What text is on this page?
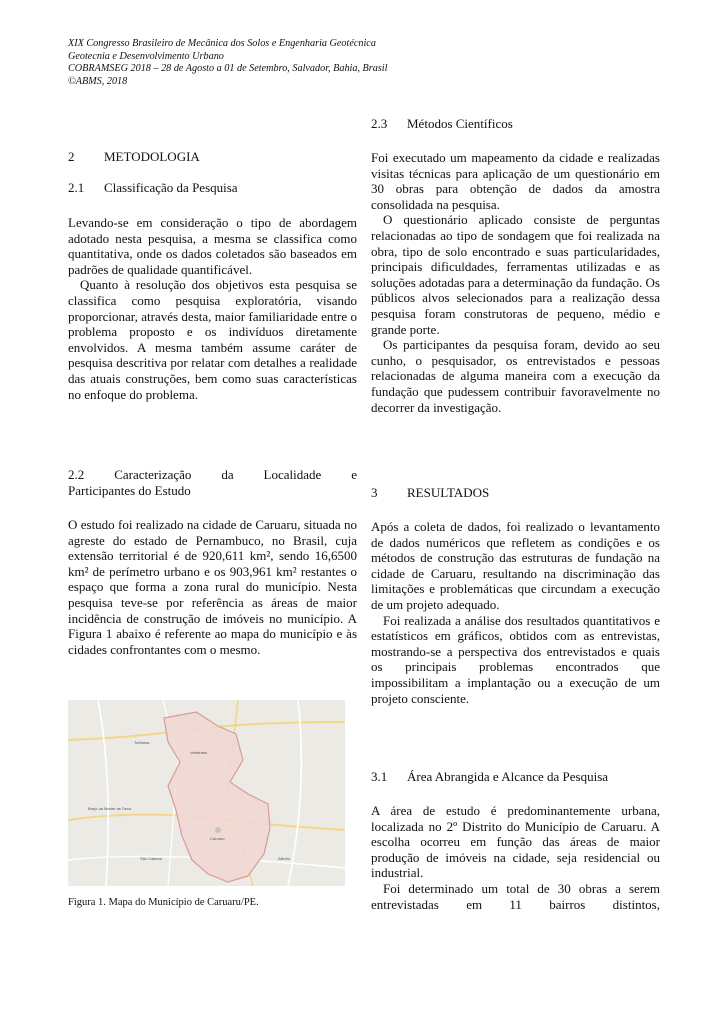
XIX Congresso Brasileiro de Mecânica dos Solos e Engenharia Geotécnica
Geotecnia e Desenvolvimento Urbano
COBRAMSEG 2018 – 28 de Agosto a 01 de Setembro, Salvador, Bahia, Brasil
©ABMS, 2018
2 METODOLOGIA
2.1 Classificação da Pesquisa

Levando-se em consideração o tipo de abordagem adotado nesta pesquisa, a mesma se classifica como quantitativa, onde os dados coletados são baseados em padrões de qualidade quantificável.

Quanto à resolução dos objetivos esta pesquisa se classifica como pesquisa exploratória, visando proporcionar, através desta, maior familiaridade entre o problema proposto e os indivíduos diretamente envolvidos. A mesma também assume caráter de pesquisa descritiva por relatar com detalhes a realidade das atuais construções, bem como suas características no enfoque do problema.

2.2 Caracterização da Localidade e
Participantes do Estudo

O estudo foi realizado na cidade de Caruaru, situada no agreste do estado de Pernambuco, no Brasil, cuja extensão territorial é de 920,611 km², sendo 16,6500 km² de perímetro urbano e os 903,961 km² restantes o espaço que forma a zona rural do município. Nesta pesquisa teve-se por referência as áreas de maior incidência de construção de imóveis no município. A Figura 1 abaixo é referente ao mapa do município e às cidades confrontantes com o mesmo.

Caruaru
Vertentes
Toritama
Brejo da Madre de Deus
São Caitano	Altinho
Figura 1. Mapa do Município de Caruaru/PE.
2.3 Métodos Científicos

Foi executado um mapeamento da cidade e realizadas visitas técnicas para aplicação de um questionário em 30 obras para obtenção de dados da amostra consolidada na pesquisa.

O questionário aplicado consiste de perguntas relacionadas ao tipo de sondagem que foi realizada na obra, tipo de solo encontrado e suas particularidades, principais dificuldades, ferramentas utilizadas e as soluções adotadas para a determinação da fundação. Os públicos alvos selecionados para a realização dessa pesquisa foram construtoras de pequeno, médio e grande porte.

Os participantes da pesquisa foram, devido ao seu cunho, o pesquisador, os entrevistados e pessoas relacionadas de alguma maneira com a execução da fundação que pudessem contribuir favoravelmente no decorrer da investigação.

3 RESULTADOS

Após a coleta de dados, foi realizado o levantamento de dados numéricos que refletem as condições e os métodos de construção das estruturas de fundação na cidade de Caruaru, resultando na discriminação das limitações e problemáticas que circundam a execução de um projeto adequado.

Foi realizada a análise dos resultados quantitativos e estatísticos em gráficos, obtidos com as entrevistas, mostrando-se a perspectiva dos entrevistados e quais os principais problemas encontrados que impossibilitam a implantação ou a execução de um projeto consciente.

3.1 Área Abrangida e Alcance da Pesquisa

A área de estudo é predominantemente urbana, localizada no 2º Distrito do Município de Caruaru. A escolha ocorreu em função das áreas de maior produção de imóveis na cidade, seja residencial ou industrial.

Foi determinado um total de 30 obras a serem entrevistadas em 11 bairros distintos,
